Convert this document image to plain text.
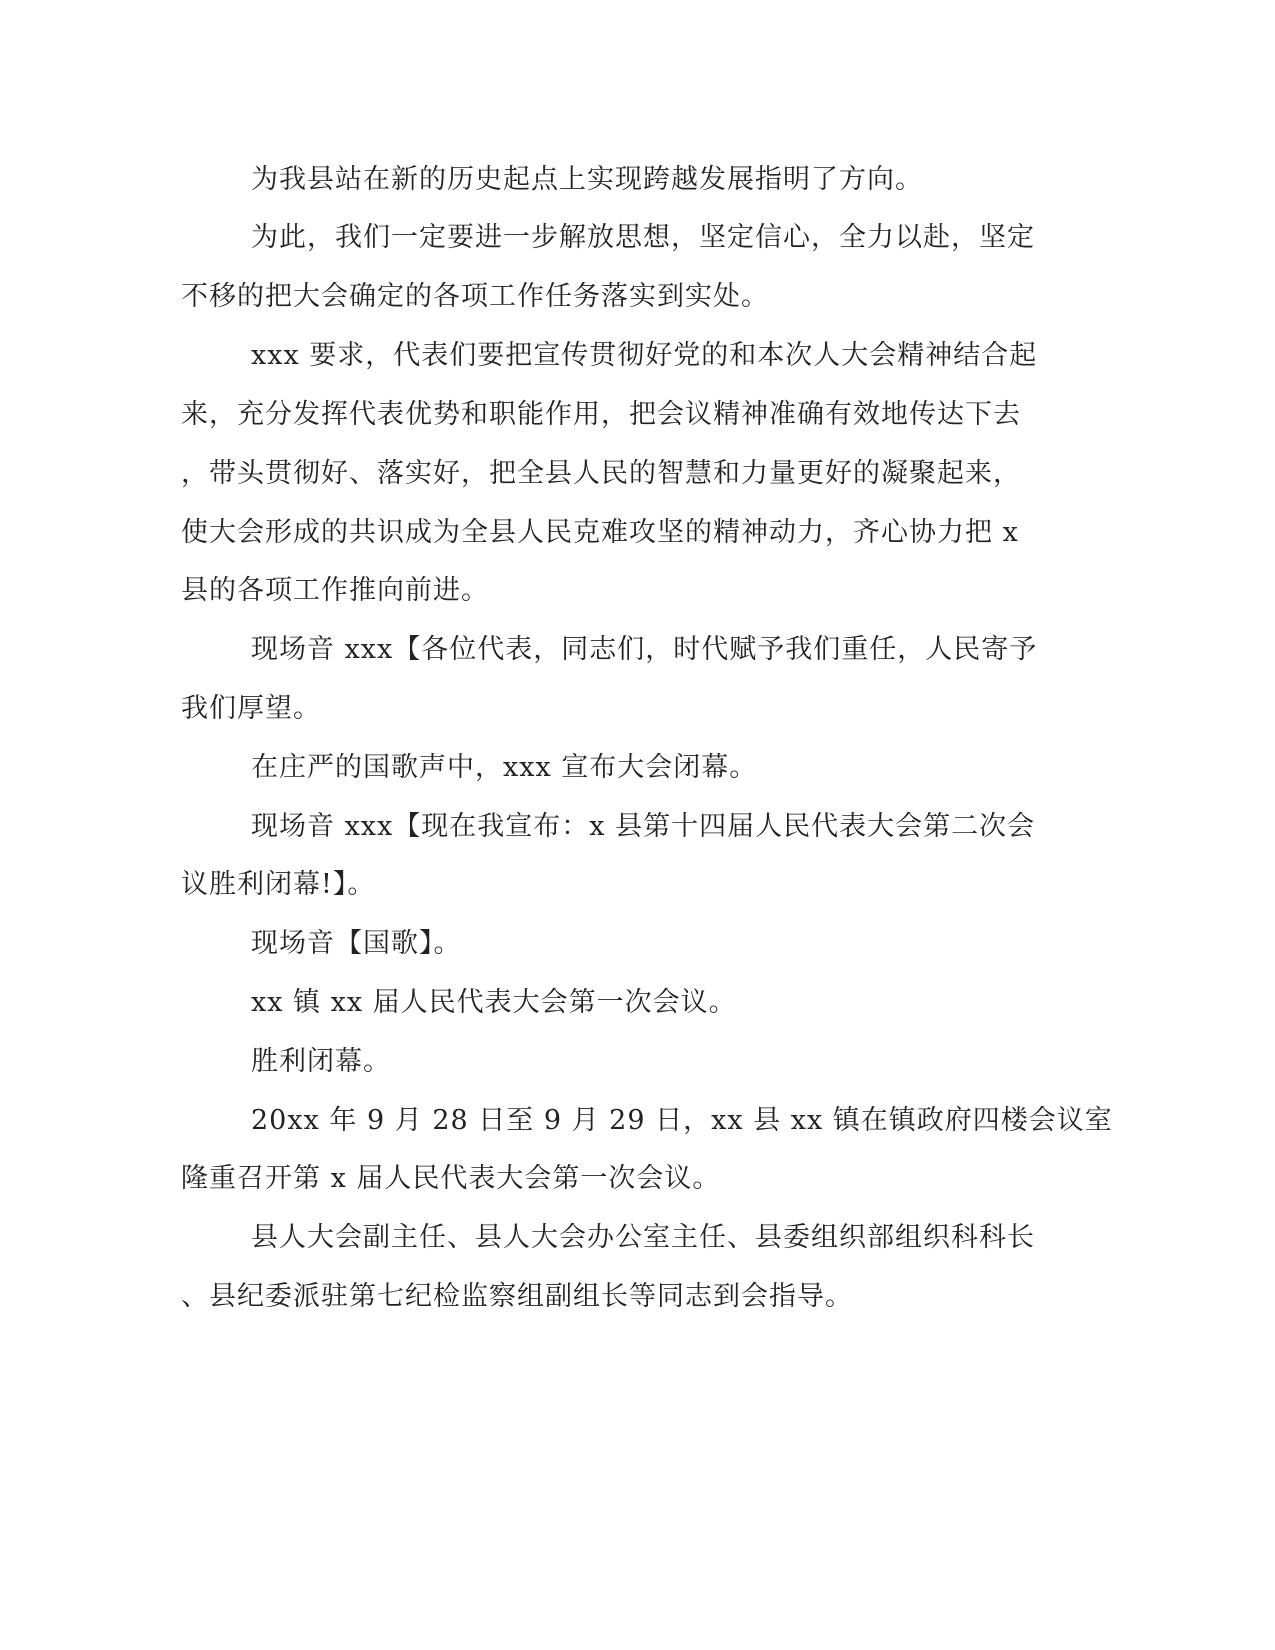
为我县站在新的历史起点上实现跨越发展指明了方向。
为此，我们一定要进一步解放思想，坚定信心，全力以赴，坚定
不移的把大会确定的各项工作任务落实到实处。
xxx 要求，代表们要把宣传贯彻好党的和本次人大会精神结合起
来，充分发挥代表优势和职能作用，把会议精神准确有效地传达下去
，带头贯彻好、落实好，把全县人民的智慧和力量更好的凝聚起来，
使大会形成的共识成为全县人民克难攻坚的精神动力，齐心协力把 x
县的各项工作推向前进。
现场音 xxx【各位代表，同志们，时代赋予我们重任，人民寄予
我们厚望。
在庄严的国歌声中，xxx 宣布大会闭幕。
现场音 xxx【现在我宣布：x 县第十四届人民代表大会第二次会
议胜利闭幕!】。
现场音【国歌】。
xx 镇 xx 届人民代表大会第一次会议。
胜利闭幕。
20xx 年 9 月 28 日至 9 月 29 日，xx 县 xx 镇在镇政府四楼会议室
隆重召开第 x 届人民代表大会第一次会议。
县人大会副主任、县人大会办公室主任、县委组织部组织科科长
、县纪委派驻第七纪检监察组副组长等同志到会指导。
